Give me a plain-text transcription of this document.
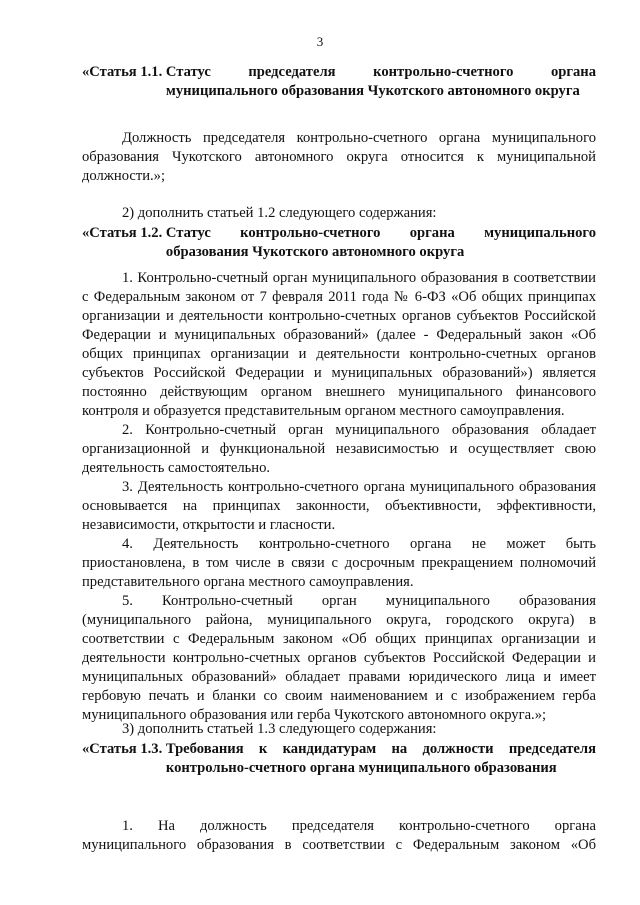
3
«Статья 1.1. Статус председателя контрольно-счетного органа муниципального образования Чукотского автономного округа

Должность председателя контрольно-счетного органа муниципального образования Чукотского автономного округа относится к муниципальной должности.»;

2) дополнить статьей 1.2 следующего содержания:

«Статья 1.2. Статус контрольно-счетного органа муниципального образования Чукотского автономного округа

1. Контрольно-счетный орган муниципального образования в соответствии с Федеральным законом от 7 февраля 2011 года № 6-ФЗ «Об общих принципах организации и деятельности контрольно-счетных органов субъектов Российской Федерации и муниципальных образований» (далее - Федеральный закон «Об общих принципах организации и деятельности контрольно-счетных органов субъектов Российской Федерации и муниципальных образований») является постоянно действующим органом внешнего муниципального финансового контроля и образуется представительным органом местного самоуправления.

2. Контрольно-счетный орган муниципального образования обладает организационной и функциональной независимостью и осуществляет свою деятельность самостоятельно.

3. Деятельность контрольно-счетного органа муниципального образования основывается на принципах законности, объективности, эффективности, независимости, открытости и гласности.

4. Деятельность контрольно-счетного органа не может быть приостановлена, в том числе в связи с досрочным прекращением полномочий представительного органа местного самоуправления.

5. Контрольно-счетный орган муниципального образования (муниципального района, муниципального округа, городского округа) в соответствии с Федеральным законом «Об общих принципах организации и деятельности контрольно-счетных органов субъектов Российской Федерации и муниципальных образований» обладает правами юридического лица и имеет гербовую печать и бланки со своим наименованием и с изображением герба муниципального образования или герба Чукотского автономного округа.»;

3) дополнить статьей 1.3 следующего содержания:

«Статья 1.3. Требования к кандидатурам на должности председателя контрольно-счетного органа муниципального образования

1. На должность председателя контрольно-счетного органа муниципального образования в соответствии с Федеральным законом «Об
